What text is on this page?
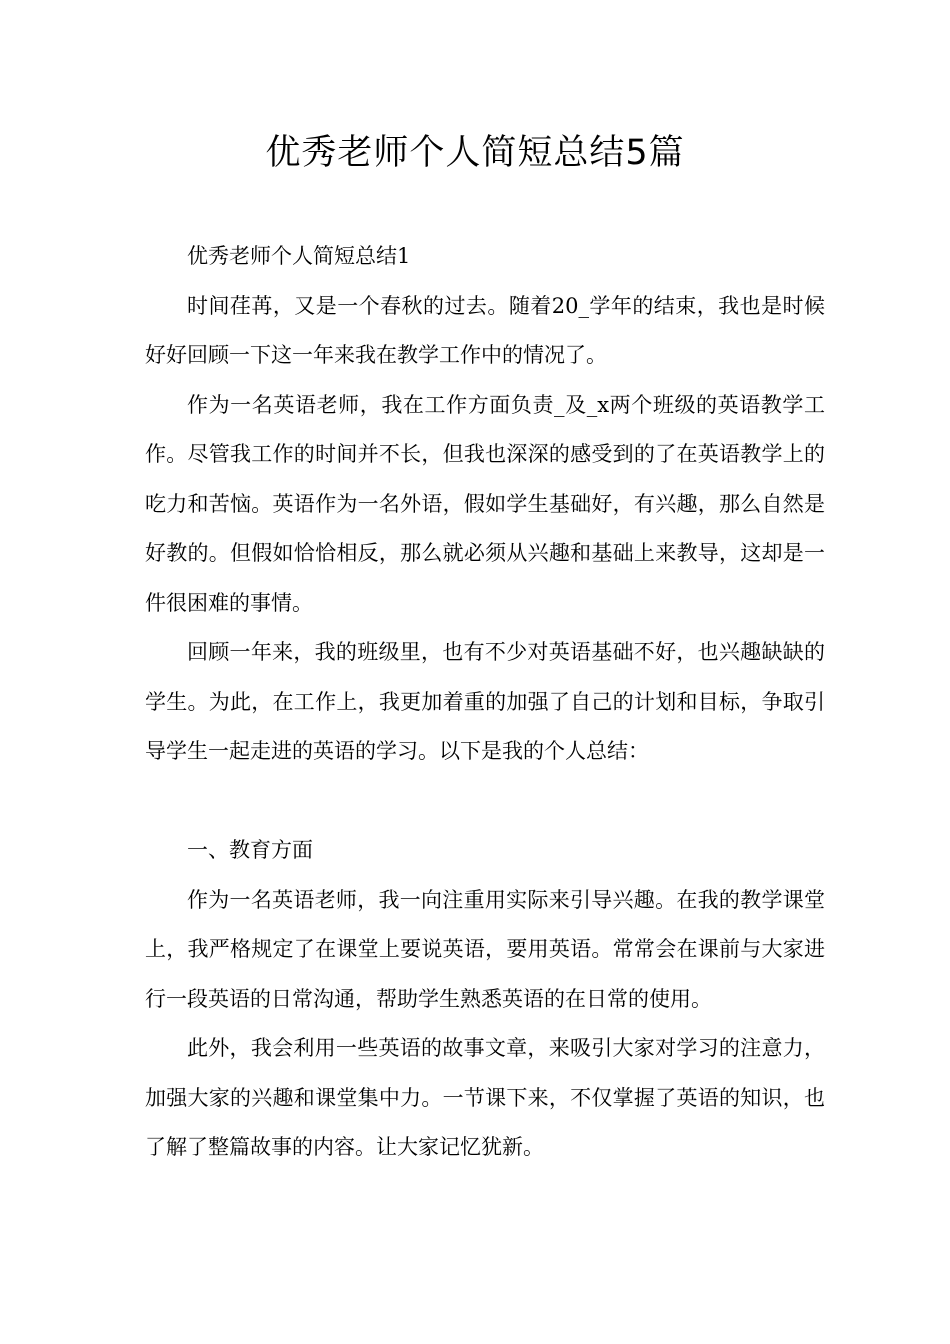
优秀老师个人简短总结5篇

优秀老师个人简短总结1

时间荏苒，又是一个春秋的过去。随着20_学年的结束，我也是时候好好回顾一下这一年来我在教学工作中的情况了。

作为一名英语老师，我在工作方面负责_及_x两个班级的英语教学工作。尽管我工作的时间并不长，但我也深深的感受到的了在英语教学上的吃力和苦恼。英语作为一名外语，假如学生基础好，有兴趣，那么自然是好教的。但假如恰恰相反，那么就必须从兴趣和基础上来教导，这却是一件很困难的事情。

回顾一年来，我的班级里，也有不少对英语基础不好，也兴趣缺缺的学生。为此，在工作上，我更加着重的加强了自己的计划和目标，争取引导学生一起走进的英语的学习。以下是我的个人总结：

一、教育方面

作为一名英语老师，我一向注重用实际来引导兴趣。在我的教学课堂上，我严格规定了在课堂上要说英语，要用英语。常常会在课前与大家进行一段英语的日常沟通，帮助学生熟悉英语的在日常的使用。

此外，我会利用一些英语的故事文章，来吸引大家对学习的注意力，加强大家的兴趣和课堂集中力。一节课下来，不仅掌握了英语的知识，也了解了整篇故事的内容。让大家记忆犹新。
